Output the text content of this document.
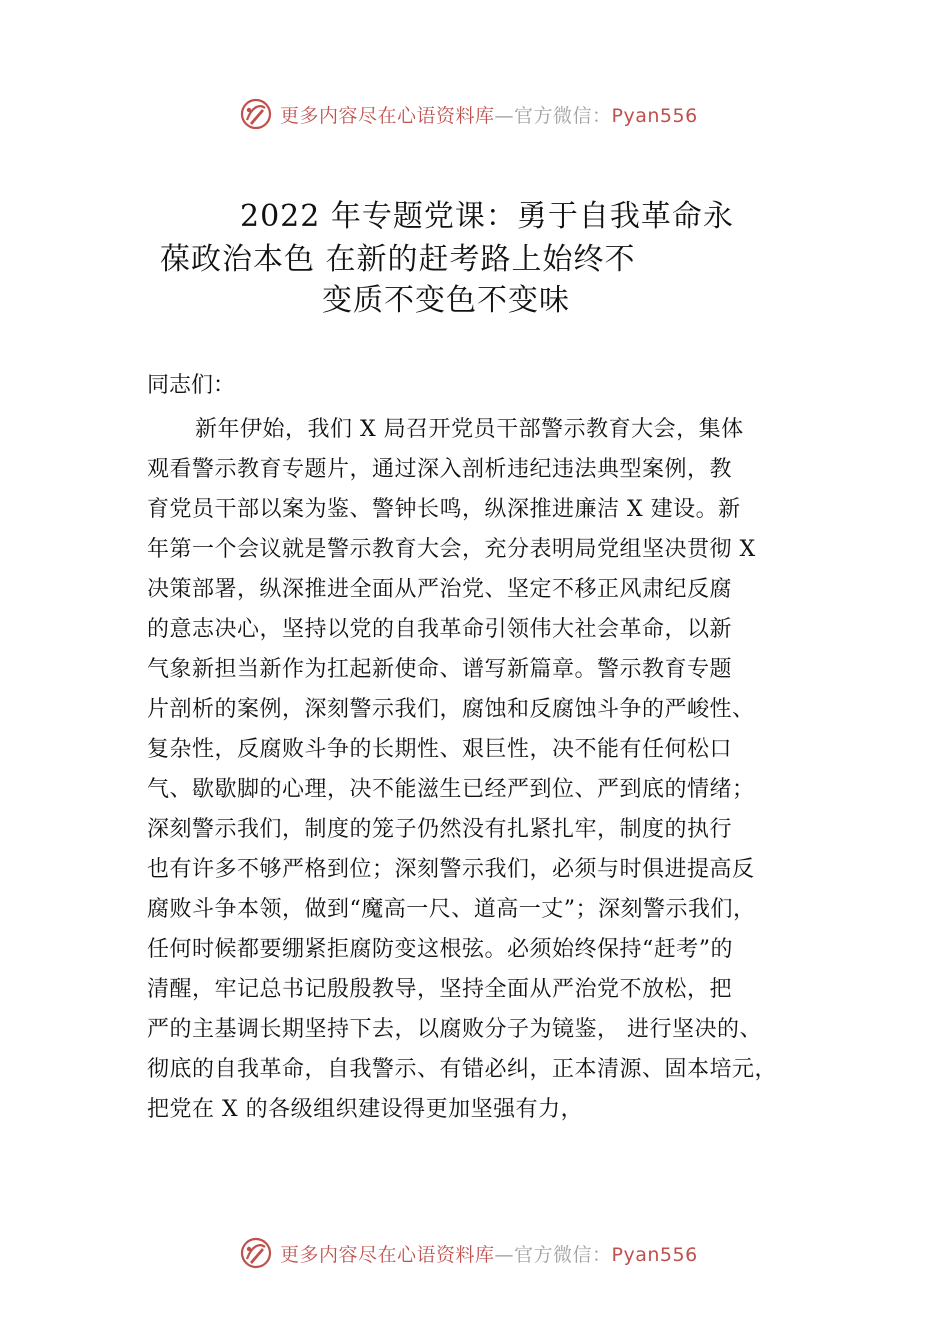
更多内容尽在心语资料库—官方微信：Pyan556
2022 年专题党课：勇于自我革命永
葆政治本色 在新的赶考路上始终不
变质不变色不变味
同志们：
新年伊始，我们 X 局召开党员干部警示教育大会，集体
观看警示教育专题片，通过深入剖析违纪违法典型案例，教
育党员干部以案为鉴、警钟长鸣，纵深推进廉洁 X 建设。新
年第一个会议就是警示教育大会，充分表明局党组坚决贯彻 X
决策部署，纵深推进全面从严治党、坚定不移正风肃纪反腐
的意志决心，坚持以党的自我革命引领伟大社会革命，以新
气象新担当新作为扛起新使命、谱写新篇章。警示教育专题
片剖析的案例，深刻警示我们，腐蚀和反腐蚀斗争的严峻性、
复杂性，反腐败斗争的长期性、艰巨性，决不能有任何松口
气、歇歇脚的心理，决不能滋生已经严到位、严到底的情绪；
深刻警示我们，制度的笼子仍然没有扎紧扎牢，制度的执行
也有许多不够严格到位；深刻警示我们，必须与时俱进提高反
腐败斗争本领，做到“魔高一尺、道高一丈”；深刻警示我们，
任何时候都要绷紧拒腐防变这根弦。必须始终保持“赶考”的
清醒，牢记总书记殷殷教导，坚持全面从严治党不放松，把
严的主基调长期坚持下去，以腐败分子为镜鉴， 进行坚决的、
彻底的自我革命，自我警示、有错必纠，正本清源、固本培元，
把党在 X 的各级组织建设得更加坚强有力，
更多内容尽在心语资料库—官方微信：Pyan556
